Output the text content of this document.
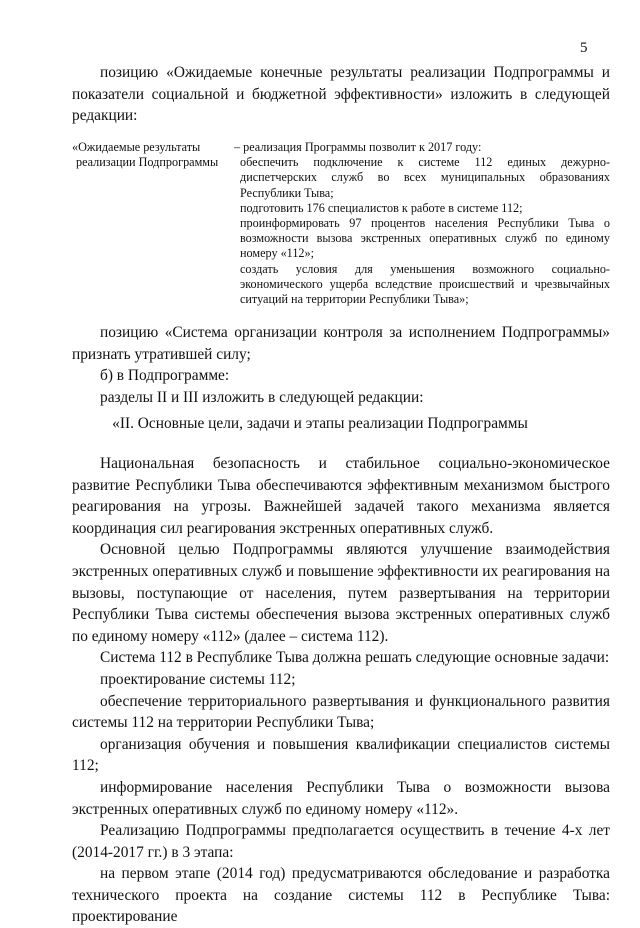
5

позицию «Ожидаемые конечные результаты реализации Подпрограммы и показатели социальной и бюджетной эффективности» изложить в следующей редакции:

«Ожидаемые результаты
реализации Подпрограммы

– реализация Программы позволит к 2017 году:

обеспечить подключение к системе 112 единых дежурно-диспетчерских служб во всех муниципальных образованиях Республики Тыва;

подготовить 176 специалистов к работе в системе 112;

проинформировать 97 процентов населения Республики Тыва о возможности вызова экстренных оперативных служб по единому номеру «112»;

создать условия для уменьшения возможного социально-экономического ущерба вследствие происшествий и чрезвычайных ситуаций на территории Республики Тыва»;

позицию «Система организации контроля за исполнением Подпрограммы» признать утратившей силу;

б) в Подпрограмме:

разделы II и III изложить в следующей редакции:

«II. Основные цели, задачи и этапы реализации Подпрограммы

Национальная безопасность и стабильное социально-экономическое развитие Республики Тыва обеспечиваются эффективным механизмом быстрого реагирования на угрозы. Важнейшей задачей такого механизма является координация сил реагирования экстренных оперативных служб.

Основной целью Подпрограммы являются улучшение взаимодействия экстренных оперативных служб и повышение эффективности их реагирования на вызовы, поступающие от населения, путем развертывания на территории Республики Тыва системы обеспечения вызова экстренных оперативных служб по единому номеру «112» (далее – система 112).

Система 112 в Республике Тыва должна решать следующие основные задачи:

проектирование системы 112;

обеспечение территориального развертывания и функционального развития системы 112 на территории Республики Тыва;

организация обучения и повышения квалификации специалистов системы 112;

информирование населения Республики Тыва о возможности вызова экстренных оперативных служб по единому номеру «112».

Реализацию Подпрограммы предполагается осуществить в течение 4-х лет (2014-2017 гг.) в 3 этапа:

на первом этапе (2014 год) предусматриваются обследование и разработка технического проекта на создание системы 112 в Республике Тыва: проектирование
